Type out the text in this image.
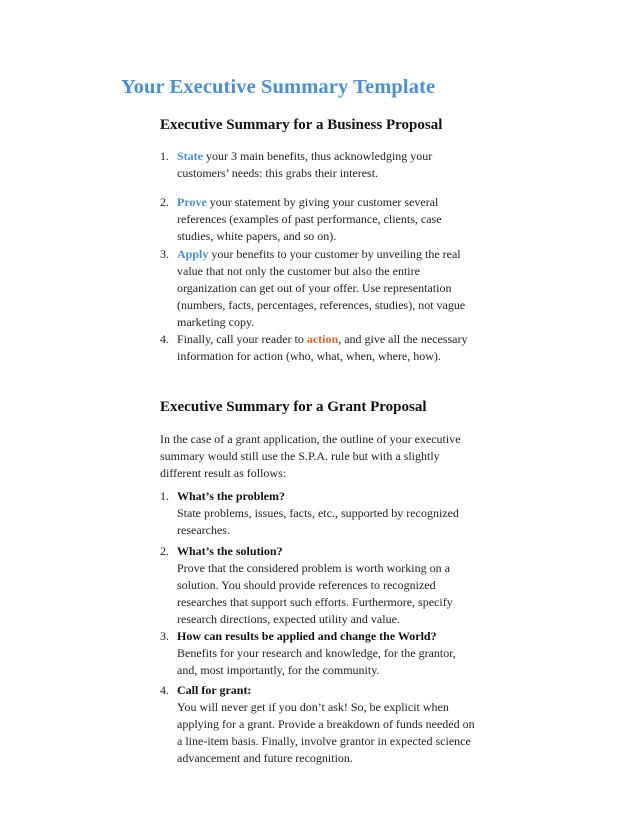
Your Executive Summary Template
Executive Summary for a Business Proposal
1. State your 3 main benefits, thus acknowledging your customers’ needs: this grabs their interest.
2. Prove your statement by giving your customer several references (examples of past performance, clients, case studies, white papers, and so on).
3. Apply your benefits to your customer by unveiling the real value that not only the customer but also the entire organization can get out of your offer. Use representation (numbers, facts, percentages, references, studies), not vague marketing copy.
4. Finally, call your reader to action, and give all the necessary information for action (who, what, when, where, how).
Executive Summary for a Grant Proposal

In the case of a grant application, the outline of your executive summary would still use the S.P.A. rule but with a slightly different result as follows:

1. What’s the problem?
State problems, issues, facts, etc., supported by recognized researches.
2. What’s the solution?
Prove that the considered problem is worth working on a solution. You should provide references to recognized researches that support such efforts. Furthermore, specify research directions, expected utility and value.
3. How can results be applied and change the World?
Benefits for your research and knowledge, for the grantor, and, most importantly, for the community.
4. Call for grant:
You will never get if you don’t ask! So, be explicit when applying for a grant. Provide a breakdown of funds needed on a line-item basis. Finally, involve grantor in expected science advancement and future recognition.
